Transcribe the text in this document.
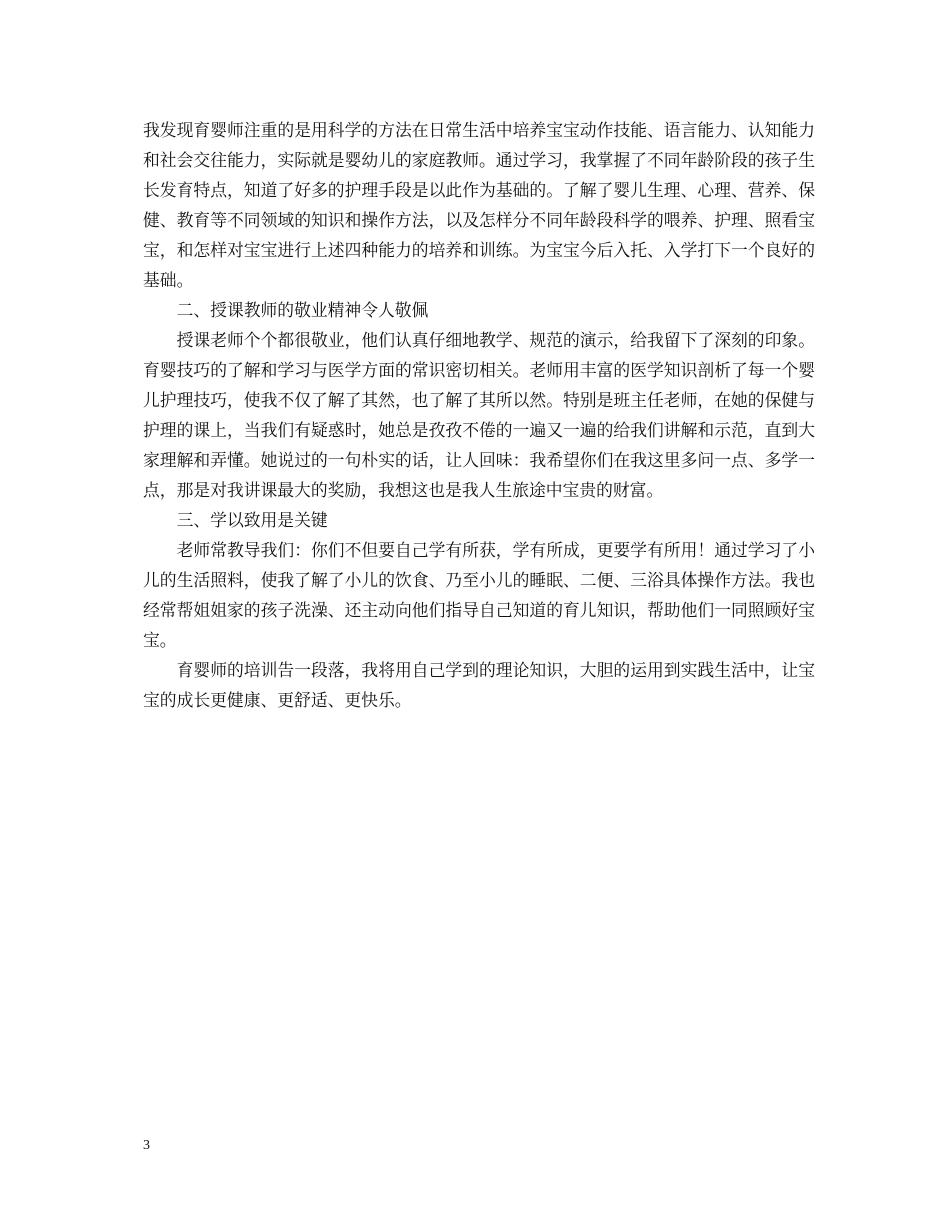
我发现育婴师注重的是用科学的方法在日常生活中培养宝宝动作技能、语言能力、认知能力和社会交往能力，实际就是婴幼儿的家庭教师。通过学习，我掌握了不同年龄阶段的孩子生长发育特点，知道了好多的护理手段是以此作为基础的。了解了婴儿生理、心理、营养、保健、教育等不同领域的知识和操作方法，以及怎样分不同年龄段科学的喂养、护理、照看宝宝，和怎样对宝宝进行上述四种能力的培养和训练。为宝宝今后入托、入学打下一个良好的基础。

二、授课教师的敬业精神令人敬佩

授课老师个个都很敬业，他们认真仔细地教学、规范的演示，给我留下了深刻的印象。育婴技巧的了解和学习与医学方面的常识密切相关。老师用丰富的医学知识剖析了每一个婴儿护理技巧，使我不仅了解了其然，也了解了其所以然。特别是班主任老师，在她的保健与护理的课上，当我们有疑惑时，她总是孜孜不倦的一遍又一遍的给我们讲解和示范，直到大家理解和弄懂。她说过的一句朴实的话，让人回味：我希望你们在我这里多问一点、多学一点，那是对我讲课最大的奖励，我想这也是我人生旅途中宝贵的财富。

三、学以致用是关键

老师常教导我们：你们不但要自己学有所获，学有所成，更要学有所用！通过学习了小儿的生活照料，使我了解了小儿的饮食、乃至小儿的睡眠、二便、三浴具体操作方法。我也经常帮姐姐家的孩子洗澡、还主动向他们指导自己知道的育儿知识，帮助他们一同照顾好宝宝。

育婴师的培训告一段落，我将用自己学到的理论知识，大胆的运用到实践生活中，让宝宝的成长更健康、更舒适、更快乐。

3
